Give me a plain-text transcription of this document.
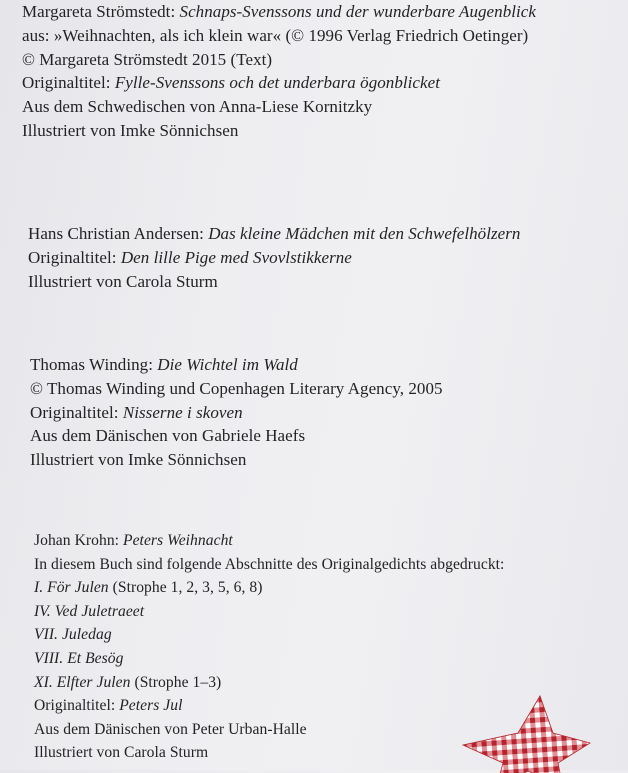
Margareta Strömstedt: Schnaps-Svenssons und der wunderbare Augenblick

aus: »Weihnachten, als ich klein war« (© 1996 Verlag Friedrich Oetinger)

© Margareta Strömstedt 2015 (Text)

Originaltitel: Fylle-Svenssons och det underbara ögonblicket

Aus dem Schwedischen von Anna-Liese Kornitzky

Illustriert von Imke Sönnichsen

Hans Christian Andersen: Das kleine Mädchen mit den Schwefelhölzern

Originaltitel: Den lille Pige med Svovlstikkerne

Illustriert von Carola Sturm

Thomas Winding: Die Wichtel im Wald

© Thomas Winding und Copenhagen Literary Agency, 2005

Originaltitel: Nisserne i skoven

Aus dem Dänischen von Gabriele Haefs

Illustriert von Imke Sönnichsen

Johan Krohn: Peters Weihnacht

In diesem Buch sind folgende Abschnitte des Originalgedichts abgedruckt:

I. För Julen (Strophe 1, 2, 3, 5, 6, 8)

IV. Ved Juletraeet

VII. Juledag

VIII. Et Besög

XI. Elfter Julen (Strophe 1–3)

Originaltitel: Peters Jul

Aus dem Dänischen von Peter Urban-Halle

Illustriert von Carola Sturm
